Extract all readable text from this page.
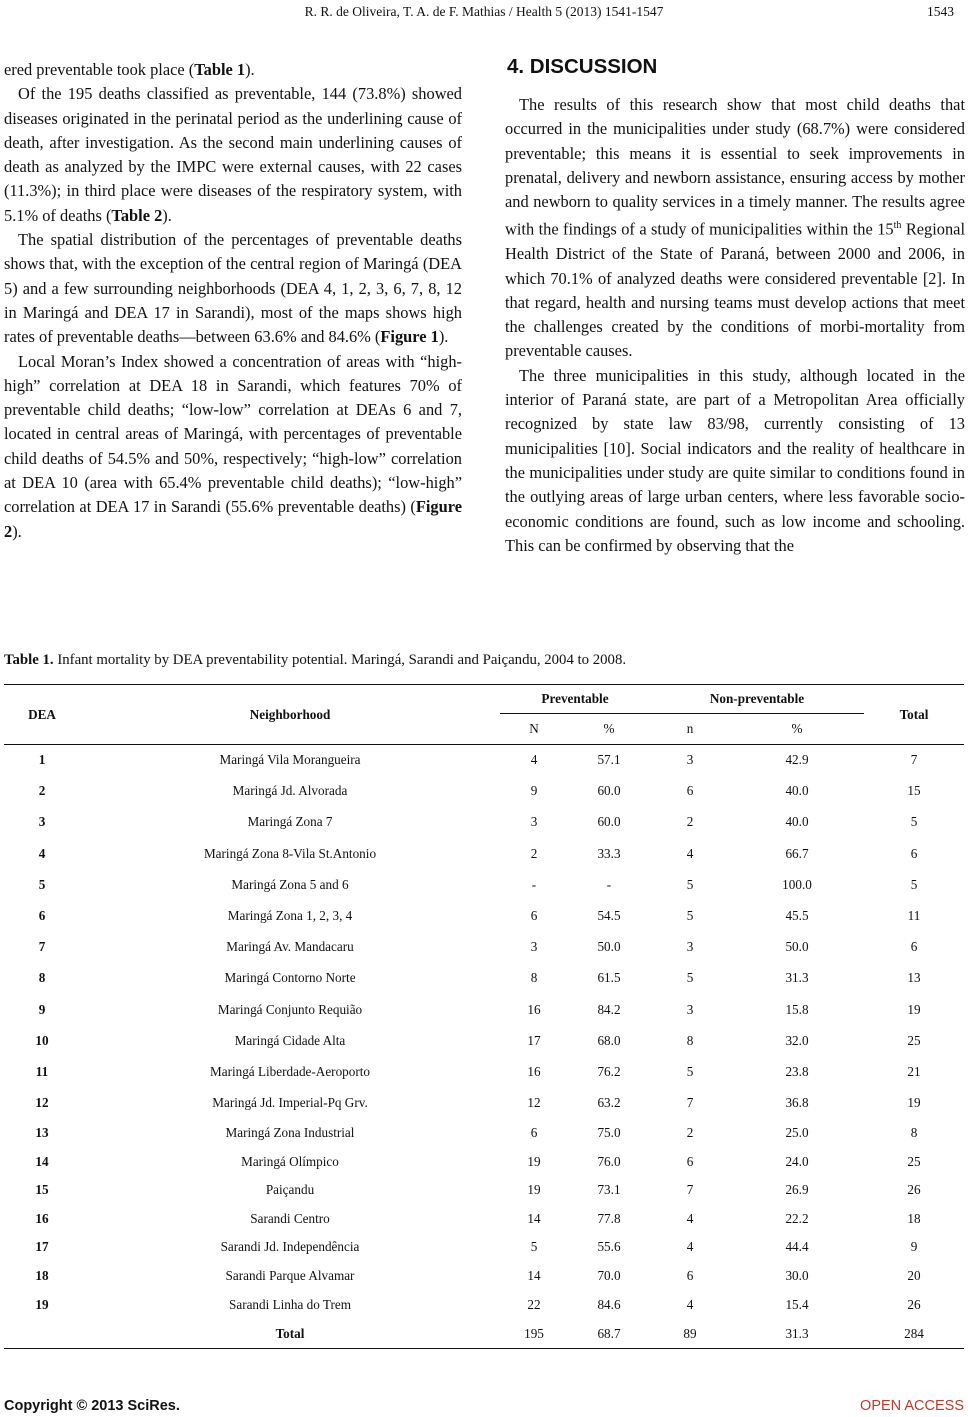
R. R. de Oliveira, T. A. de F. Mathias / Health 5 (2013) 1541-1547	1543

ered preventable took place (Table 1).

Of the 195 deaths classified as preventable, 144 (73.8%) showed diseases originated in the perinatal period as the underlining cause of death, after investigation. As the second main underlining causes of death as analyzed by the IMPC were external causes, with 22 cases (11.3%); in third place were diseases of the respiratory system, with 5.1% of deaths (Table 2).

The spatial distribution of the percentages of preventable deaths shows that, with the exception of the central region of Maringá (DEA 5) and a few surrounding neighborhoods (DEA 4, 1, 2, 3, 6, 7, 8, 12 in Maringá and DEA 17 in Sarandi), most of the maps shows high rates of preventable deaths—between 63.6% and 84.6% (Figure 1).

Local Moran’s Index showed a concentration of areas with “high-high” correlation at DEA 18 in Sarandi, which features 70% of preventable child deaths; “low-low” correlation at DEAs 6 and 7, located in central areas of Maringá, with percentages of preventable child deaths of 54.5% and 50%, respectively; “high-low” correlation at DEA 10 (area with 65.4% preventable child deaths); “low-high” correlation at DEA 17 in Sarandi (55.6% preventable deaths) (Figure 2).

4. DISCUSSION

The results of this research show that most child deaths that occurred in the municipalities under study (68.7%) were considered preventable; this means it is essential to seek improvements in prenatal, delivery and newborn assistance, ensuring access by mother and newborn to quality services in a timely manner. The results agree with the findings of a study of municipalities within the 15th Regional Health District of the State of Paraná, between 2000 and 2006, in which 70.1% of analyzed deaths were considered preventable [2]. In that regard, health and nursing teams must develop actions that meet the challenges created by the conditions of morbi-mortality from preventable causes.

The three municipalities in this study, although located in the interior of Paraná state, are part of a Metropolitan Area officially recognized by state law 83/98, currently consisting of 13 municipalities [10]. Social indicators and the reality of healthcare in the municipalities under study are quite similar to conditions found in the outlying areas of large urban centers, where less favorable socio-economic conditions are found, such as low income and schooling. This can be confirmed by observing that the

Table 1. Infant mortality by DEA preventability potential. Maringá, Sarandi and Paiçandu, 2004 to 2008.
DEA	Neighborhood	Preventable		Non-preventable		Total
		N	%	n	%	
1	Maringá Vila Morangueira	4	57.1	3	42.9	7
2	Maringá Jd. Alvorada	9	60.0	6	40.0	15
3	Maringá Zona 7	3	60.0	2	40.0	5
4	Maringá Zona 8-Vila St.Antonio	2	33.3	4	66.7	6
5	Maringá Zona 5 and 6	-	-	5	100.0	5
6	Maringá Zona 1, 2, 3, 4	6	54.5	5	45.5	11
7	Maringá Av. Mandacaru	3	50.0	3	50.0	6
8	Maringá Contorno Norte	8	61.5	5	31.3	13
9	Maringá Conjunto Requião	16	84.2	3	15.8	19
10	Maringá Cidade Alta	17	68.0	8	32.0	25
11	Maringá Liberdade-Aeroporto	16	76.2	5	23.8	21
12	Maringá Jd. Imperial-Pq Grv.	12	63.2	7	36.8	19
13	Maringá Zona Industrial	6	75.0	2	25.0	8
14	Maringá Olímpico	19	76.0	6	24.0	25
15	Paiçandu	19	73.1	7	26.9	26
16	Sarandi Centro	14	77.8	4	22.2	18
17	Sarandi Jd. Independência	5	55.6	4	44.4	9
18	Sarandi Parque Alvamar	14	70.0	6	30.0	20
19	Sarandi Linha do Trem	22	84.6	4	15.4	26
	Total	195	68.7	89	31.3	284
Copyright © 2013 SciRes.	OPEN ACCESS
